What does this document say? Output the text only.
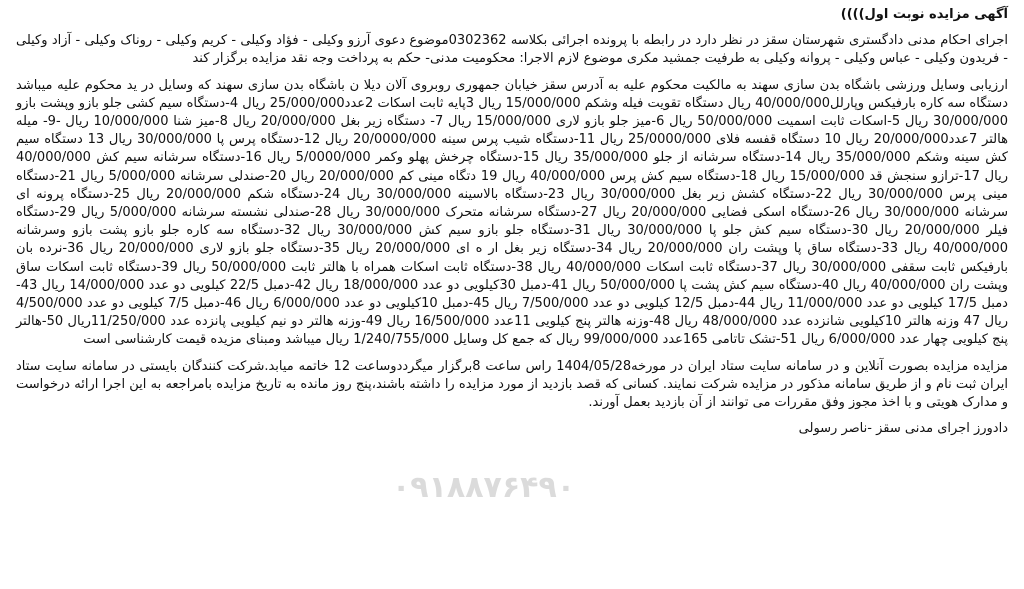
آگهی مزایده نوبت اول))))
اجرای احکام مدنی دادگستری شهرستان سقز در نظر دارد در رابطه با پرونده اجرائی بکلاسه 0302362موضوع دعوی آرزو وکیلی - فؤاد وکیلی - کریم وکیلی - روناک وکیلی - آزاد وکیلی - فریدون وکیلی - عباس وکیلی - پروانه وکیلی به طرفیت جمشید مکری موضوع لازم الاجرا: محکومیت مدنی- حکم به پرداخت وجه نقد مزایده برگزار کند
ارزیابی وسایل ورزشی باشگاه بدن سازی سهند به مالکیت محکوم علیه به آدرس سقز خیابان جمهوری روبروی آلان دیلا ن باشگاه بدن سازی سهند که وسایل در ید محکوم علیه میباشد دستگاه سه کاره بارفیکس وپارلل40/000/000 ریال دستگاه تقویت فیله وشکم 15/000/000 ریال 3پایه ثابت اسکات 2عدد25/000/000 ریال 4-دستگاه سیم کشی جلو بازو وپشت بازو 30/000/000 ریال 5-اسکات ثابت اسمیت 50/000/000 ریال 6-میز جلو بازو لاری 15/000/000 ریال 7- دستگاه زیر بغل 20/000/000 ریال 8-میز شنا 10/000/000 ریال -9- میله هالتر 7عدد20/000/000 ریال 10 دستگاه قفسه فلای 25/0000/000 ریال 11-دستگاه شیب پرس سینه 20/0000/000 ریال 12-دستگاه پرس پا 30/000/000 ریال 13 دستگاه سیم کش سینه وشکم 35/000/000 ریال 14-دستگاه سرشانه از جلو 35/000/000 ریال 15-دستگاه چرخش پهلو وکمر 5/0000/000 ریال 16-دستگاه سرشانه سیم کش 40/000/000 ریال 17-ترازو سنجش قد 15/000/000 ریال 18-دستگاه سیم کش پرس 40/000/000 ریال 19 دتگاه مینی کم 20/000/000 ریال 20-صندلی سرشانه 5/000/000 ریال 21-دستگاه مینی پرس 30/000/000 ریال 22-دستگاه کشش زیر بغل 30/000/000 ریال 23-دستگاه بالاسینه 30/000/000 ریال 24-دستگاه شکم 20/000/000 ریال 25-دستگاه پرونه ای سرشانه 30/000/000 ریال 26-دستگاه اسکی فضایی 20/000/000 ریال 27-دستگاه سرشانه متحرک 30/000/000 ریال 28-صندلی نشسته سرشانه 5/000/000 ریال 29-دستگاه فیلر 20/000/000 ریال 30-دستگاه سیم کش جلو پا 30/000/000 ریال 31-دستگاه جلو بازو سیم کش 30/000/000 ریال 32-دستگاه سه کاره جلو بازو پشت بازو وسرشانه 40/000/000 ریال 33-دستگاه ساق پا وپشت ران 20/000/000 ریال 34-دستگاه زیر بغل ار ه ای 20/000/000 ریال 35-دستگاه جلو بازو لاری 20/000/000 ریال 36-نرده بان بارفیکس ثابت سقفی 30/000/000 ریال 37-دستگاه ثابت اسکات 40/000/000 ریال 38-دستگاه ثابت اسکات همراه با هالتر ثابت 50/000/000 ریال 39-دستگاه ثابت اسکات ساق وپشت ران 40/000/000 ریال 40-دستگاه سیم کش پشت پا 50/000/000 ریال 41-دمبل 30کیلویی دو عدد 18/000/000 ریال 42-دمبل 22/5 کیلویی دو عدد 14/000/000 ریال 43-دمبل 17/5 کیلویی دو عدد 11/000/000 ریال 44-دمبل 12/5 کیلویی دو عدد 7/500/000 ریال 45-دمبل 10کیلویی دو عدد 6/000/000 ریال 46-دمبل 7/5 کیلویی دو عدد 4/500/000 ریال 47 وزنه هالتر 10کیلویی شانزده عدد 48/000/000 ریال 48-وزنه هالتر پنج کیلویی 11عدد 16/500/000 ریال 49-وزنه هالتر دو نیم کیلویی پانزده عدد 11/250/000ریال 50-هالتر پنج کیلویی چهار عدد 6/000/000 ریال 51-تشک تاتامی 165عدد 99/000/000 ریال که جمع کل وسایل 1/240/755/000 ریال میباشد ومبنای مزیده قیمت کارشناسی است
مزایده مزایده بصورت آنلاین و در سامانه سایت ستاد ایران در مورخه1404/05/28 راس ساعت 8برگزار میگرددوساعت 12 خاتمه میابد.شرکت کنندگان بایستی در سامانه سایت ستاد ایران ثبت نام و از طریق سامانه مذکور در مزایده شرکت نمایند. کسانی که قصد بازدید از مورد مزایده را داشته باشند،پنج روز مانده به تاریخ مزایده بامراجعه به این اجرا ارائه درخواست و مدارک هویتی و با اخذ مجوز وفق مقررات می توانند از آن بازدید بعمل آورند.
دادورز اجرای مدنی سقز -ناصر رسولی
۰۹۱۸۸۷۶۴۹۰
